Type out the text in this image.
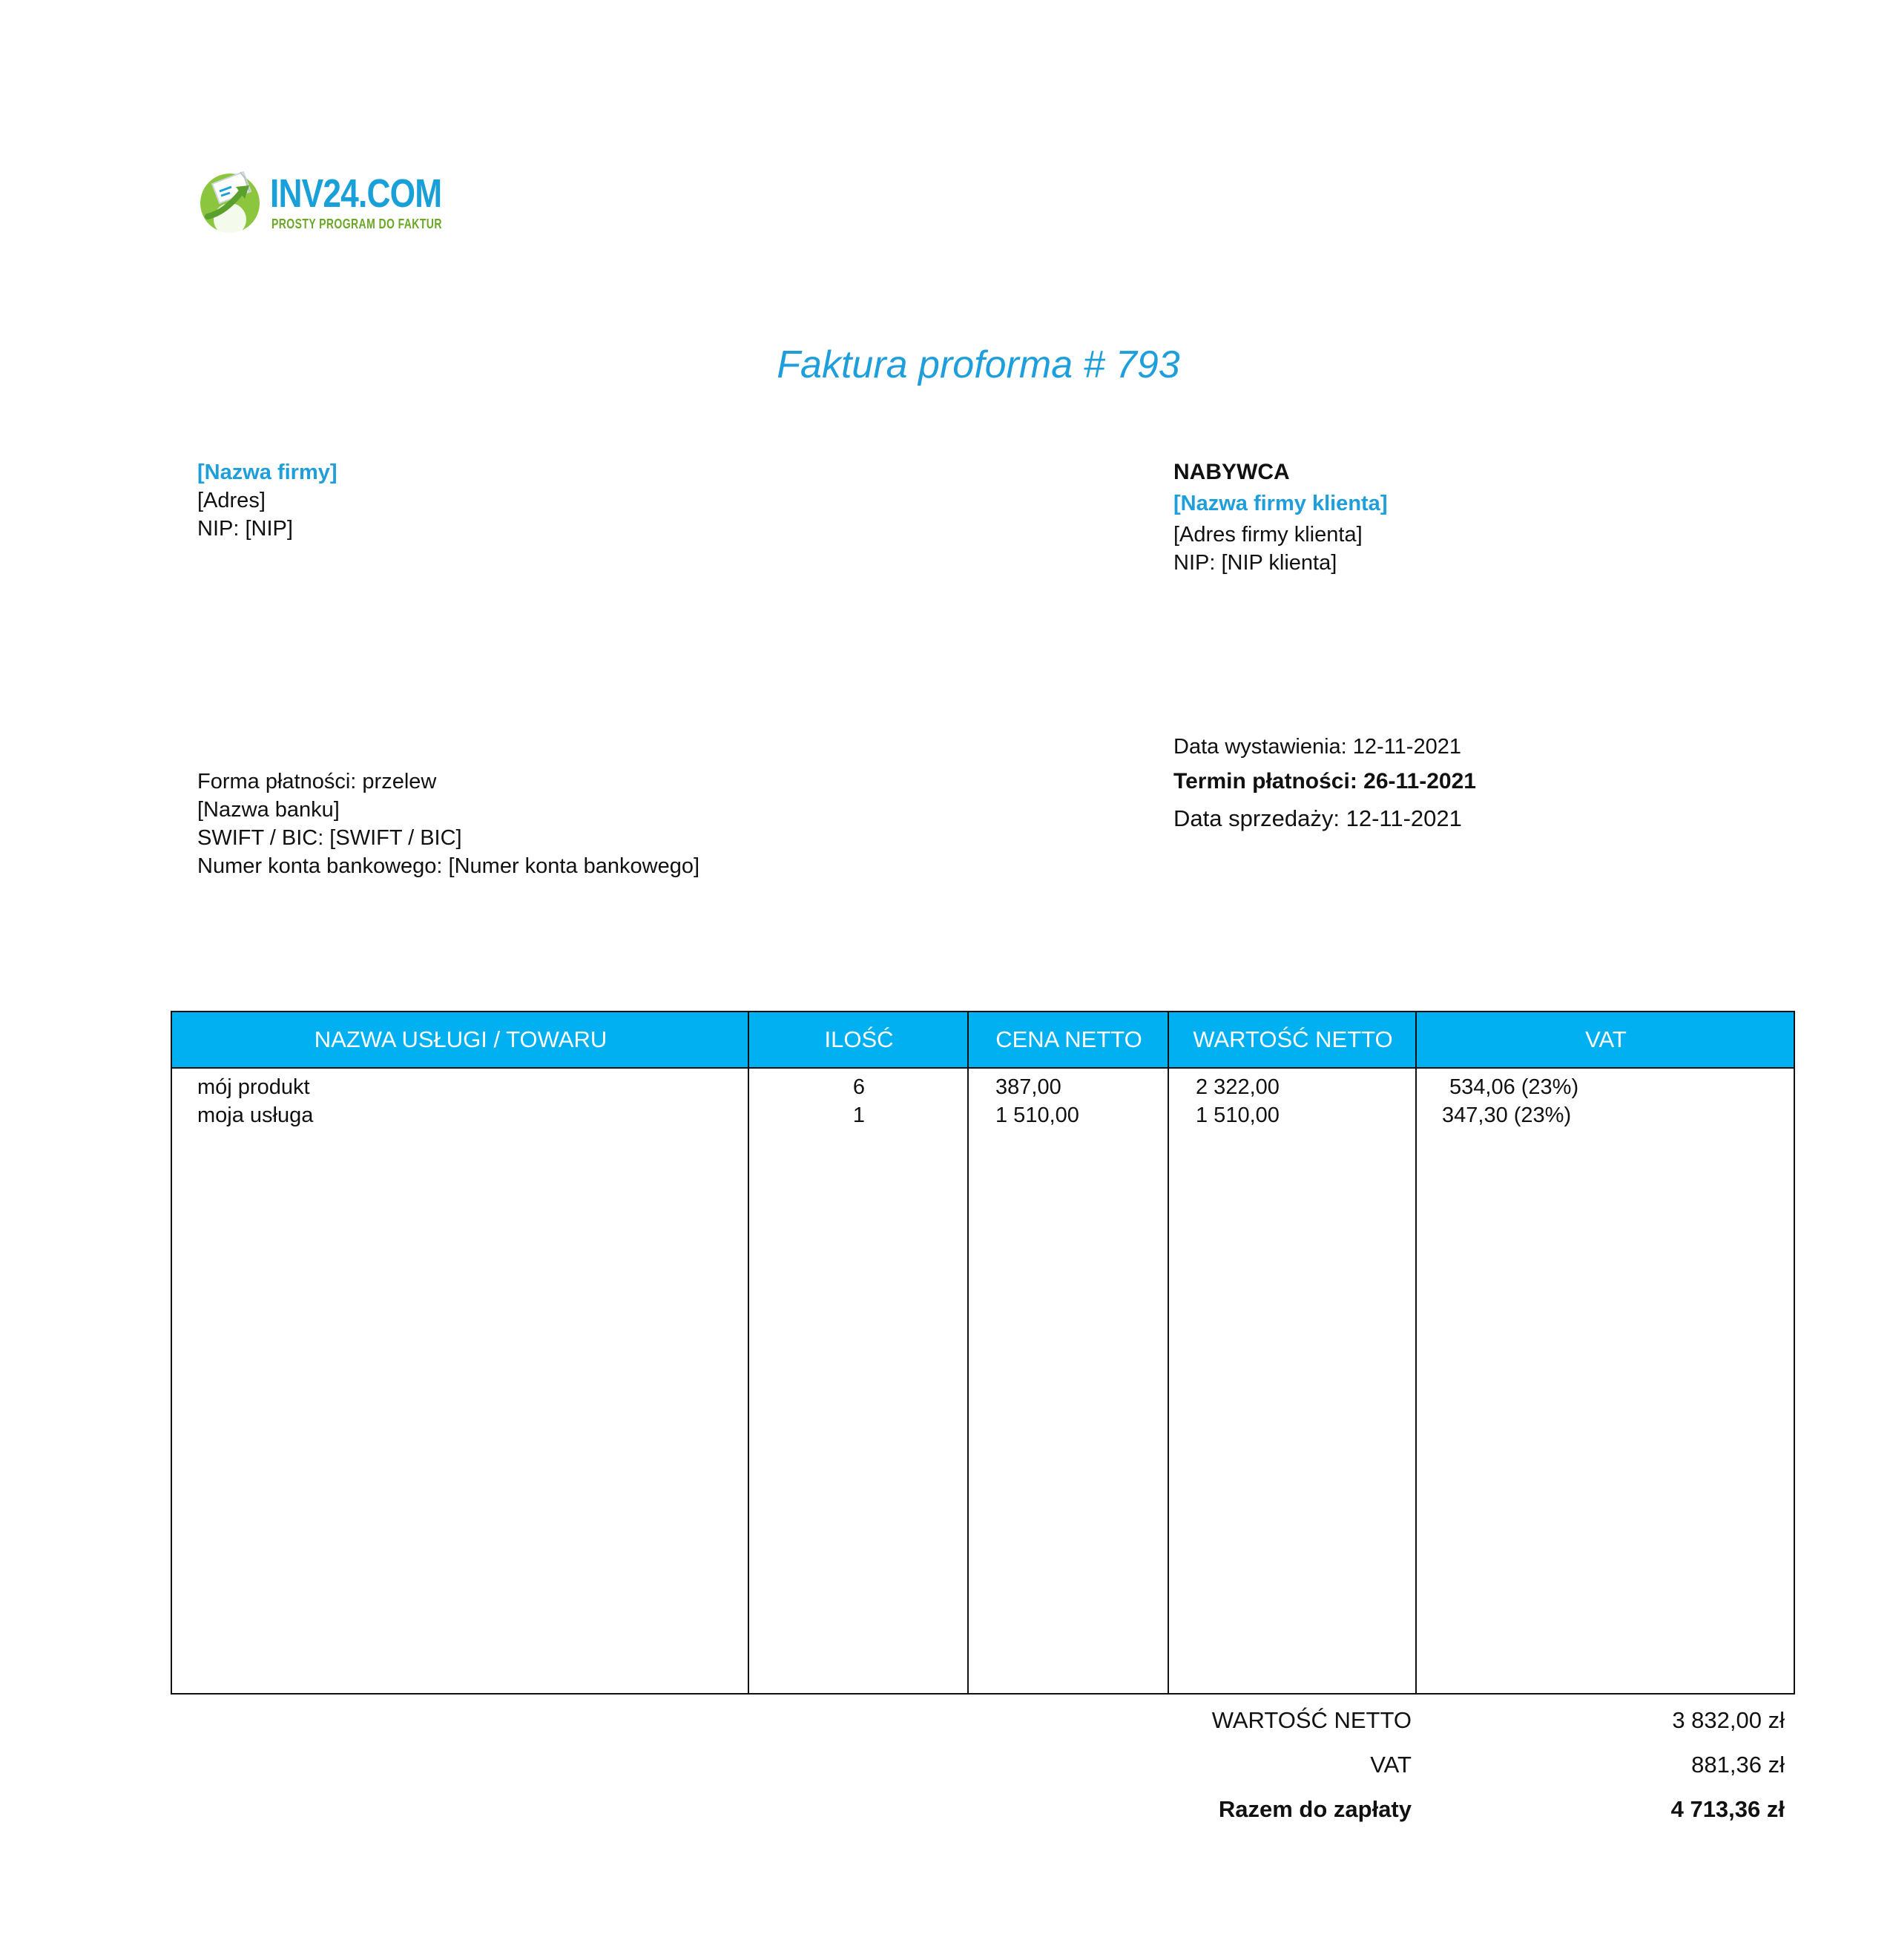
INV24.COM
PROSTY PROGRAM DO FAKTUR
Faktura proforma # 793
[Nazwa firmy]
[Adres]
NIP: [NIP]
NABYWCA
[Nazwa firmy klienta]
[Adres firmy klienta]
NIP: [NIP klienta]
Forma płatności: przelew
[Nazwa banku]
SWIFT / BIC: [SWIFT / BIC]
Numer konta bankowego: [Numer konta bankowego]
Data wystawienia: 12-11-2021
Termin płatności: 26-11-2021
Data sprzedaży: 12-11-2021
NAZWA USŁUGI / TOWARU	ILOŚĆ	CENA NETTO	WARTOŚĆ NETTO	VAT
mój produkt	6	387,00	2 322,00	534,06 (23%)
moja usługa	1	1 510,00	1 510,00	347,30 (23%)
WARTOŚĆ NETTO	3 832,00 zł
VAT	881,36 zł
Razem do zapłaty	4 713,36 zł
